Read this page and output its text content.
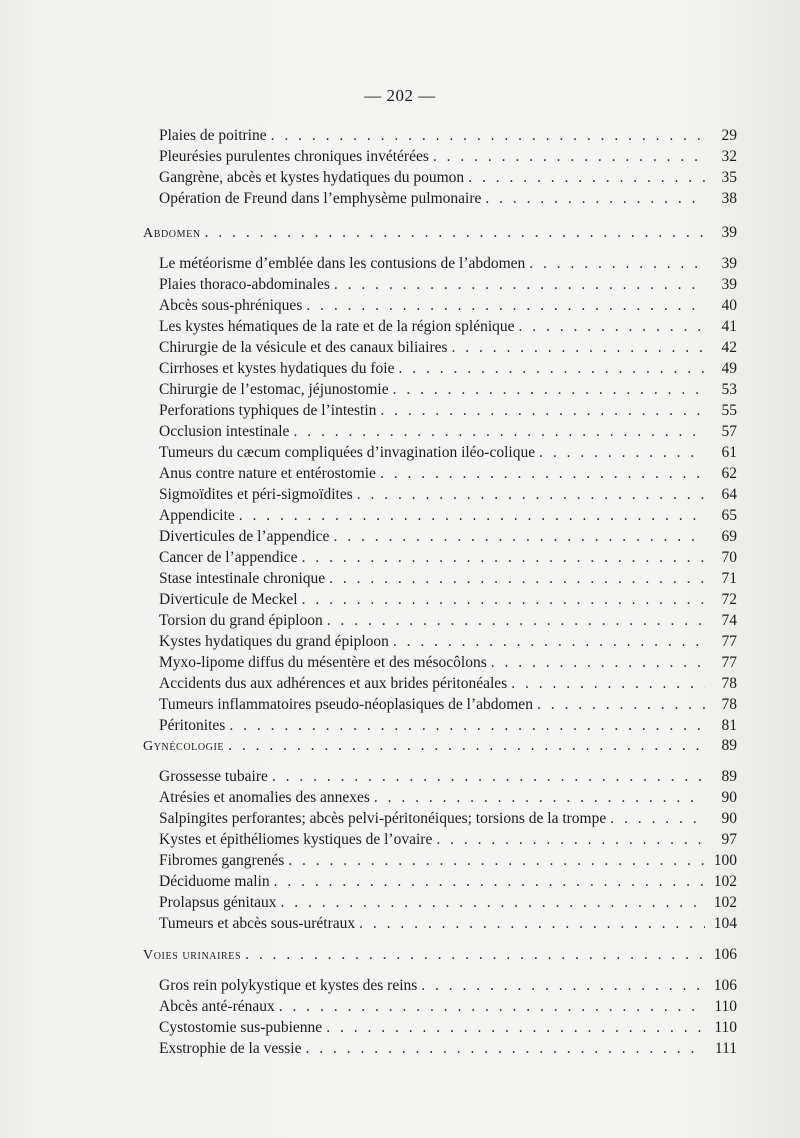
— 202 —
Plaies de poitrine . . .	29
Pleurésies purulentes chroniques invétérées . . .	32
Gangrène, abcès et kystes hydatiques du poumon . . .	35
Opération de Freund dans l’emphysème pulmonaire . . .	38
Abdomen . . .	39
Le météorisme d’emblée dans les contusions de l’abdomen . . .	39
Plaies thoraco-abdominales . . .	39
Abcès sous-phréniques . . .	40
Les kystes hématiques de la rate et de la région splénique . . .	41
Chirurgie de la vésicule et des canaux biliaires . . .	42
Cirrhoses et kystes hydatiques du foie . . .	49
Chirurgie de l’estomac, jéjunostomie . . .	53
Perforations typhiques de l’intestin . . .	55
Occlusion intestinale . . .	57
Tumeurs du cæcum compliquées d’invagination iléo-colique . . .	61
Anus contre nature et entérostomie . . .	62
Sigmoïdites et péri-sigmoïdites . . .	64
Appendicite . . .	65
Diverticules de l’appendice . . .	69
Cancer de l’appendice . . .	70
Stase intestinale chronique . . .	71
Diverticule de Meckel . . .	72
Torsion du grand épiploon . . .	74
Kystes hydatiques du grand épiploon . . .	77
Myxo-lipome diffus du mésentère et des mésocôlons . . .	77
Accidents dus aux adhérences et aux brides péritonéales . . .	78
Tumeurs inflammatoires pseudo-néoplasiques de l’abdomen . . .	78
Péritonites . . .	81
Gynécologie . . .	89
Grossesse tubaire . . .	89
Atrésies et anomalies des annexes . . .	90
Salpingites perforantes; abcès pelvi-péritonéiques; torsions de la trompe . . .	90
Kystes et épithéliomes kystiques de l’ovaire . . .	97
Fibromes gangrenés . . .	100
Déciduome malin . . .	102
Prolapsus génitaux . . .	102
Tumeurs et abcès sous-urétraux . . .	104
Voies urinaires . . .	106
Gros rein polykystique et kystes des reins . . .	106
Abcès anté-rénaux . . .	110
Cystostomie sus-pubienne . . .	110
Exstrophie de la vessie . . .	111
